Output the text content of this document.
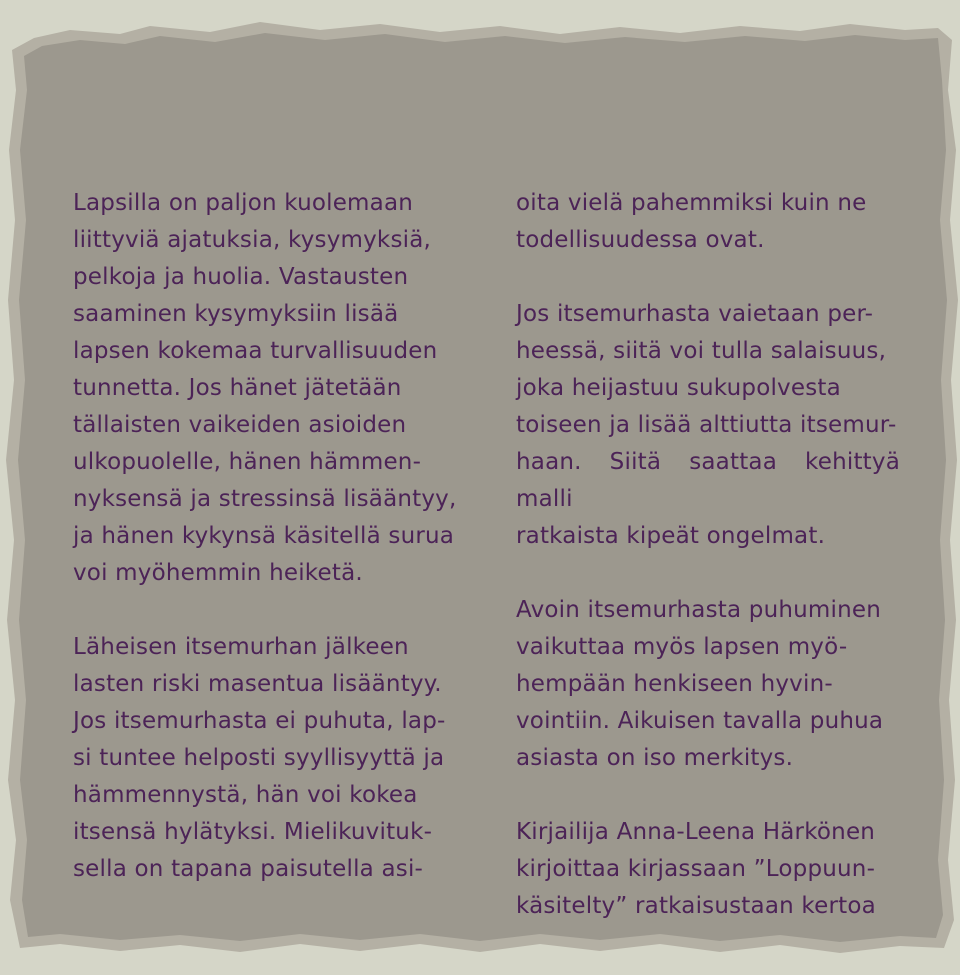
Lapsilla on paljon kuolemaan
liittyviä ajatuksia, kysymyksiä,
pelkoja ja huolia. Vastausten
saaminen kysymyksiin lisää
lapsen kokemaa turvallisuuden
tunnetta. Jos hänet jätetään
tällaisten vaikeiden asioiden
ulkopuolelle, hänen hämmen-
nyksensä ja stressinsä lisääntyy,
ja hänen kykynsä käsitellä surua
voi myöhemmin heiketä.

Läheisen itsemurhan jälkeen
lasten riski masentua lisääntyy.
Jos itsemurhasta ei puhuta, lap-
si tuntee helposti syyllisyyttä ja
hämmennystä, hän voi kokea
itsensä hylätyksi. Mielikuvituk-
sella on tapana paisutella asi-

oita vielä pahemmiksi kuin ne
todellisuudessa ovat.

Jos itsemurhasta vaietaan per-
heessä, siitä voi tulla salaisuus,
joka heijastuu sukupolvesta
toiseen ja lisää alttiutta itsemur-
haan. Siitä saattaa kehittyä malli
ratkaista kipeät ongelmat.

Avoin itsemurhasta puhuminen
vaikuttaa myös lapsen myö-
hempään henkiseen hyvin-
vointiin. Aikuisen tavalla puhua
asiasta on iso merkitys.

Kirjailija Anna-Leena Härkönen
kirjoittaa kirjassaan ”Loppuun-
käsitelty” ratkaisustaan kertoa
